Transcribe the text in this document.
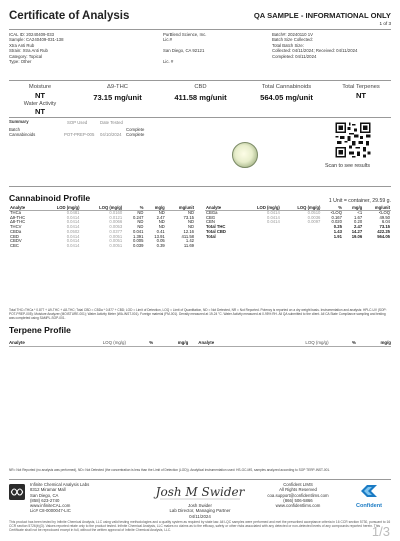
Certificate of Analysis	QA SAMPLE - INFORMATIONAL ONLY
1 of 3
ICAL ID: 20240409-033
Sample: CA240409-031-138
Xtra Anti Rub
Strain: Xtra Anti Rub
Category: Topical
Type: Other
PurBlend Science, Inc.
Lic.#

San Diego, CA 92121

Lic. #
Batch#: 20240110 1V
Batch Size Collected:
Total Batch Size:
Collected: 04/11/2024; Received: 04/11/2024
Completed: 04/11/2024
Moisture
NT
Water Activity
NT
Δ9-THC
73.15 mg/unit
CBD
411.58 mg/unit
Total Cannabinoids
564.05 mg/unit
Total Terpenes
NT
Summary	SOP Used	Date Tested
Batch	Complete
Cannabinoids	POT-PREP-005 04/10/2024 Complete
Scan to see results
Cannabinoid Profile	1 Unit = container, 29.59 g.
Analyte	LOD (mg/g)	LOQ (mg/g)	%	mg/g	mg/unit
THCa	0.0481	0.0160	ND	ND	ND
Δ9-THC	0.0414	0.0121	0.247	2.47	73.15
Δ8-THC	0.0414	0.0066	ND	ND	ND
THCV	0.0414	0.0053	ND	ND	ND
CBDa	0.0502	0.0377	0.041	0.41	12.16
CBD	0.0414	0.0051	1.391	13.91	411.58
CBDV	0.0414	0.0051	0.005	0.05	1.42
CBC	0.0414	0.0051	0.039	0.39	11.69
Analyte	LOD (mg/g)	LOQ (mg/g)	%	mg/g	mg/unit
CBGa	0.0414	0.0510	<LOQ	<1	<LOQ
CBG	0.0414	0.0036	0.167	1.67	49.50
CBN	0.0414	0.0097	0.020	0.20	6.04
Total THC			0.25	2.47	73.15
Total CBD			1.43	14.27	422.25
Total			1.91	19.06	564.05
Total THC=THCa * 0.877 + Δ9-THC + Δ8-THC; Total CBD = CBDa * 0.877 + CBD; LOD = Limit of Detection, LOQ = Limit of Quantitation, ND = Not Detected, NR = Not Reported. Potency is reported on a dry weight basis. Instrumentation and analysis: HPLC-UV (SOP: POT-PREP-005); Moisture Analyzer (MOISTURE-001); Water Activity Meter (WA-INST-001). Foreign material (FM-001). Density measured at 19-24 °C. Water Activity measured at 0-95% RH. All QA submitted to the client. All CA State Compliance sampling and testing was completed using SAMPL-SOP-001.
Terpene Profile
Analyte	LOQ (mg/g)	%	mg/g	Analyte	LOQ (mg/g)	%	mg/g
NR= Not Reported (no analysis was performed), ND= Not Detected (the concentration is less than the Limit of Detection (LOD)). Analytical instrumentation used: HS-GC-MS, samples analyzed according to SOP TERP-INST-001.
Infinite Chemical Analysis Labs
8312 Miramar Mall
San Diego, CA
(858) 623-2740
www.infiniteCAL.com
Lic# C8-0000047-LIC
Josh M Swider
Josh Swider
Lab Director, Managing Partner
04/11/2024
Confident LIMS
All Rights Reserved
coa.support@confidentlims.com
(866) 506-5866
www.confidentlims.com	Confident
This product has been tested by Infinite Chemical Analysis, LLC using valid testing methodologies and a quality system as required by state law. All LQC samples were performed and met the prescribed acceptance criteria in 16 CCR section 5730, pursuant to 16 CCR section 5726(b)(3). Values reported relate only to the product tested. Infinite Chemical Analysis, LLC makes no claims as to the efficacy, safety or other risks associated with any detected or non-detected levels of any compounds reported herein. This Certificate shall not be reproduced except in full, without the written approval of Infinite Chemical Analysis, LLC.	1/3
